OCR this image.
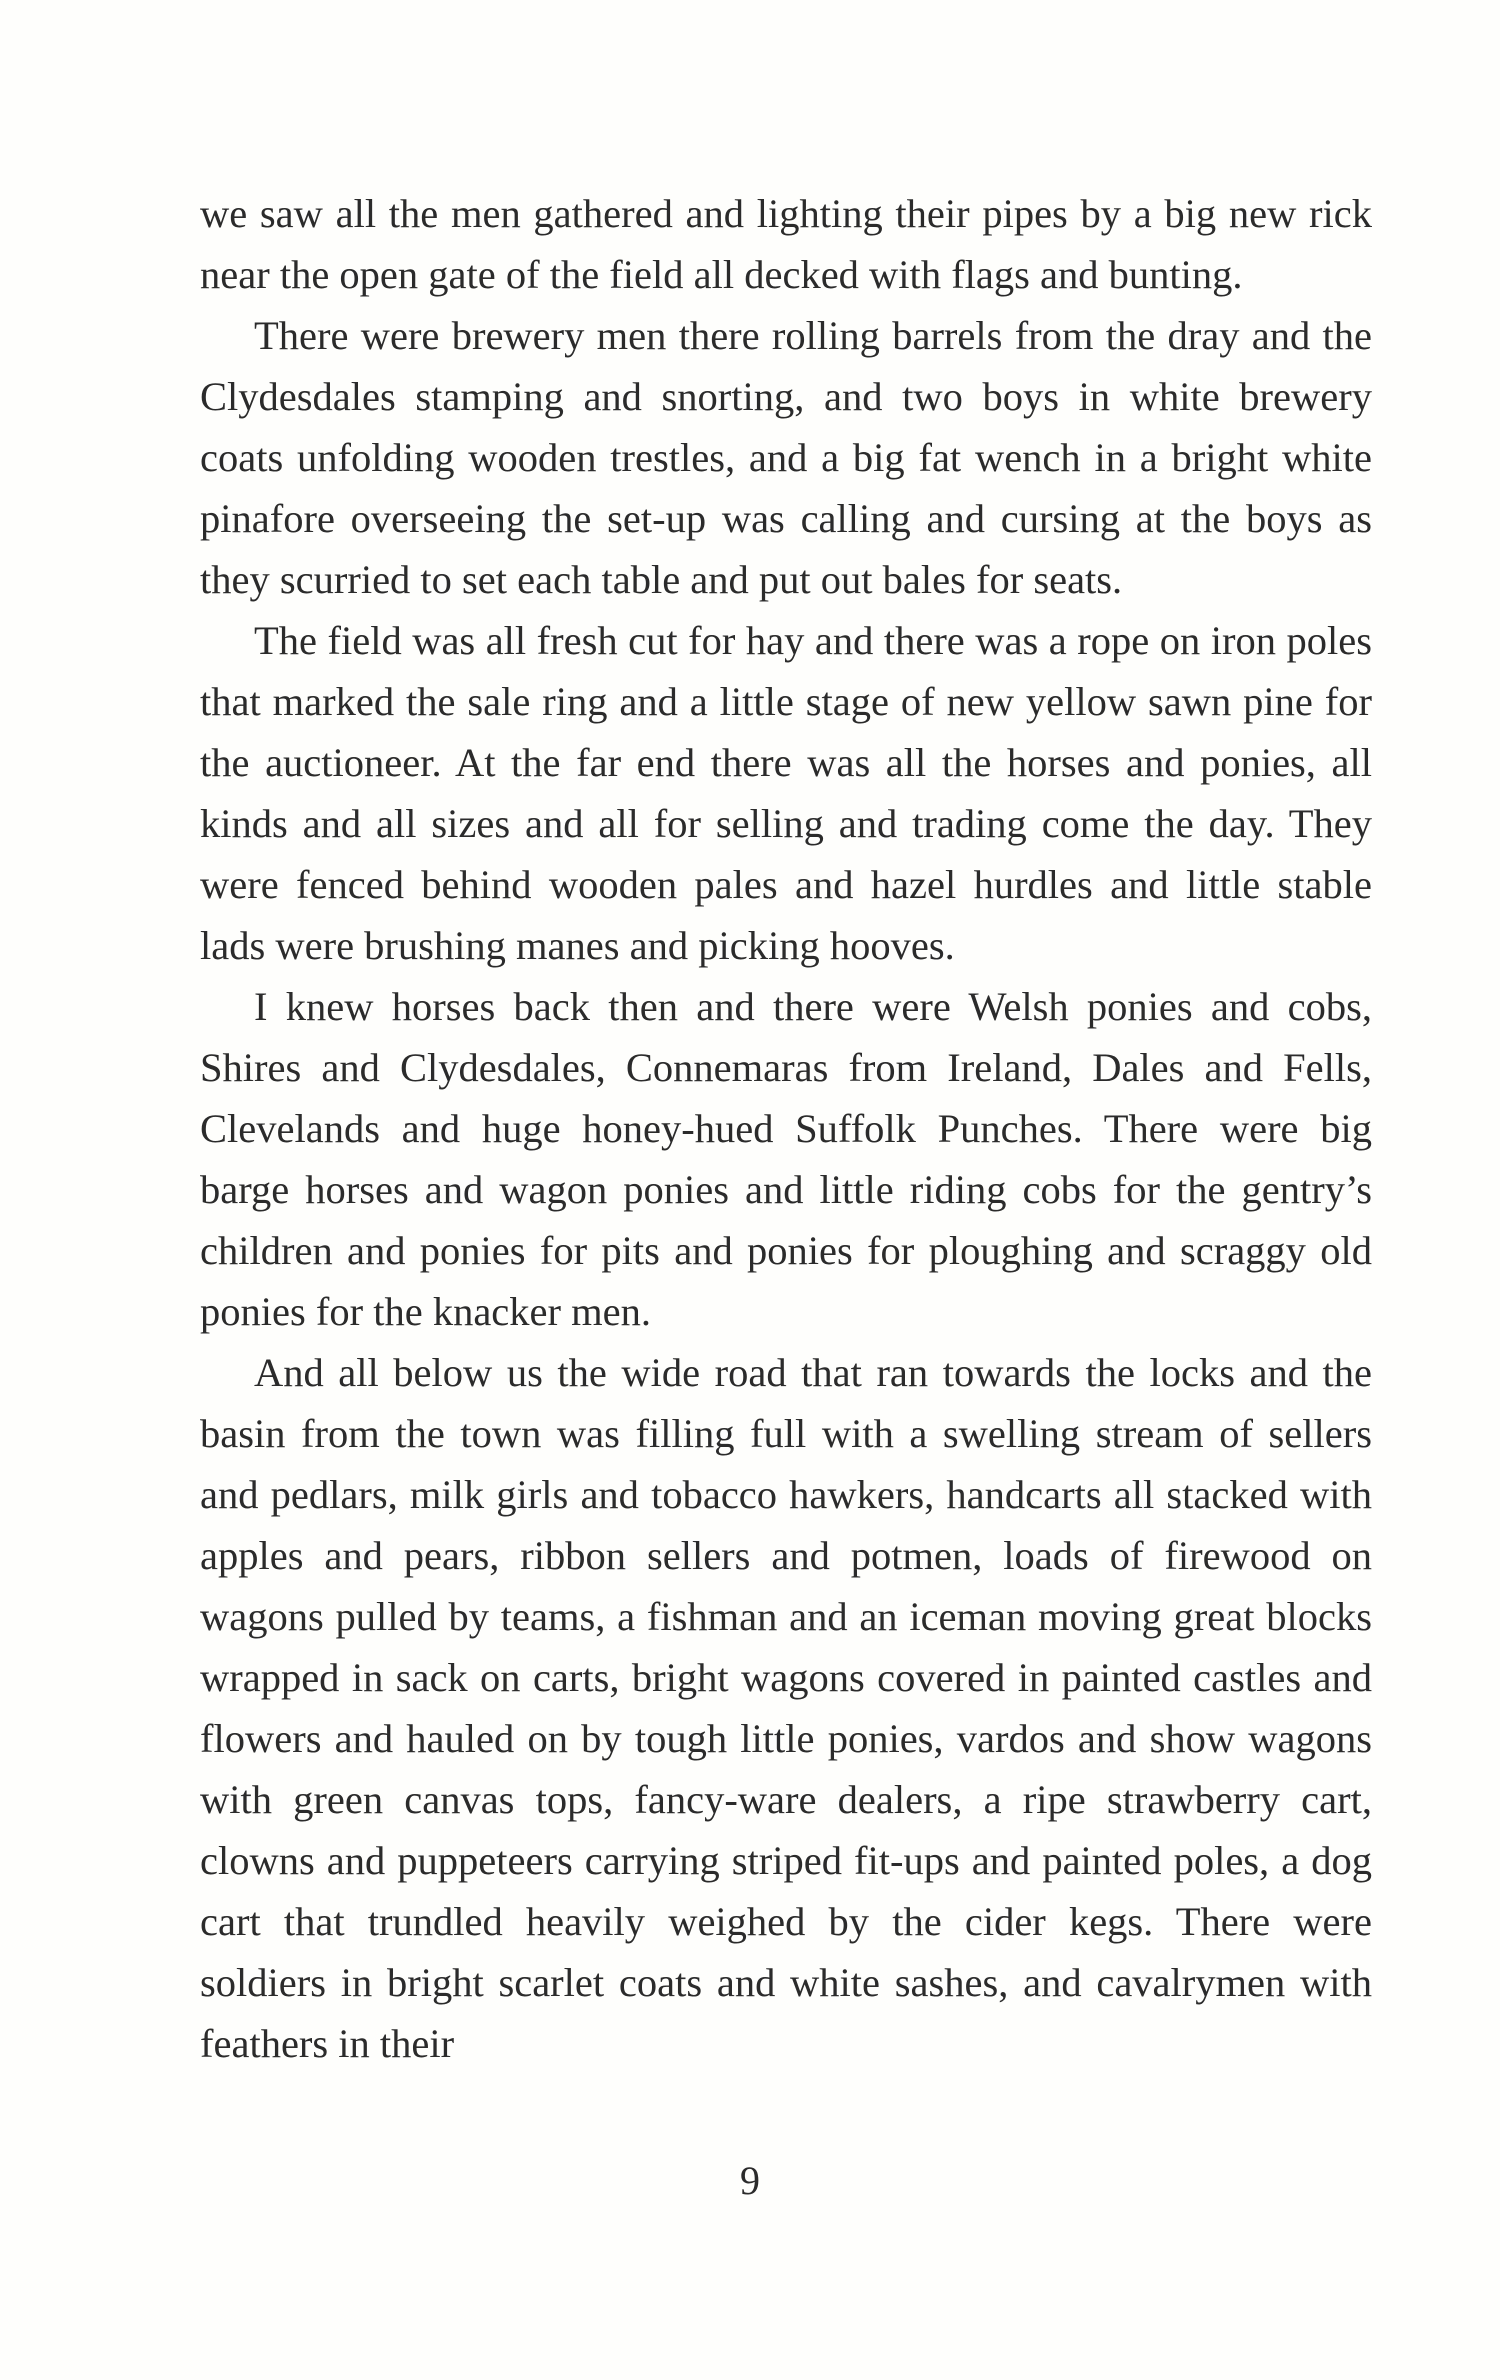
we saw all the men gathered and lighting their pipes by a big new rick near the open gate of the field all decked with flags and bunting.

There were brewery men there rolling barrels from the dray and the Clydesdales stamping and snorting, and two boys in white brewery coats unfolding wooden trestles, and a big fat wench in a bright white pinafore overseeing the set-up was calling and cursing at the boys as they scurried to set each table and put out bales for seats.

The field was all fresh cut for hay and there was a rope on iron poles that marked the sale ring and a little stage of new yellow sawn pine for the auctioneer. At the far end there was all the horses and ponies, all kinds and all sizes and all for selling and trading come the day. They were fenced behind wooden pales and hazel hurdles and little stable lads were brushing manes and picking hooves.

I knew horses back then and there were Welsh ponies and cobs, Shires and Clydesdales, Connemaras from Ireland, Dales and Fells, Clevelands and huge honey-hued Suffolk Punches. There were big barge horses and wagon ponies and little riding cobs for the gentry’s children and ponies for pits and ponies for ploughing and scraggy old ponies for the knacker men.

And all below us the wide road that ran towards the locks and the basin from the town was filling full with a swelling stream of sellers and pedlars, milk girls and tobacco hawkers, handcarts all stacked with apples and pears, ribbon sellers and potmen, loads of firewood on wagons pulled by teams, a fishman and an iceman moving great blocks wrapped in sack on carts, bright wagons covered in painted castles and flowers and hauled on by tough little ponies, vardos and show wagons with green canvas tops, fancy-ware dealers, a ripe strawberry cart, clowns and puppeteers carrying striped fit-ups and painted poles, a dog cart that trundled heavily weighed by the cider kegs. There were soldiers in bright scarlet coats and white sashes, and cavalrymen with feathers in their

9
